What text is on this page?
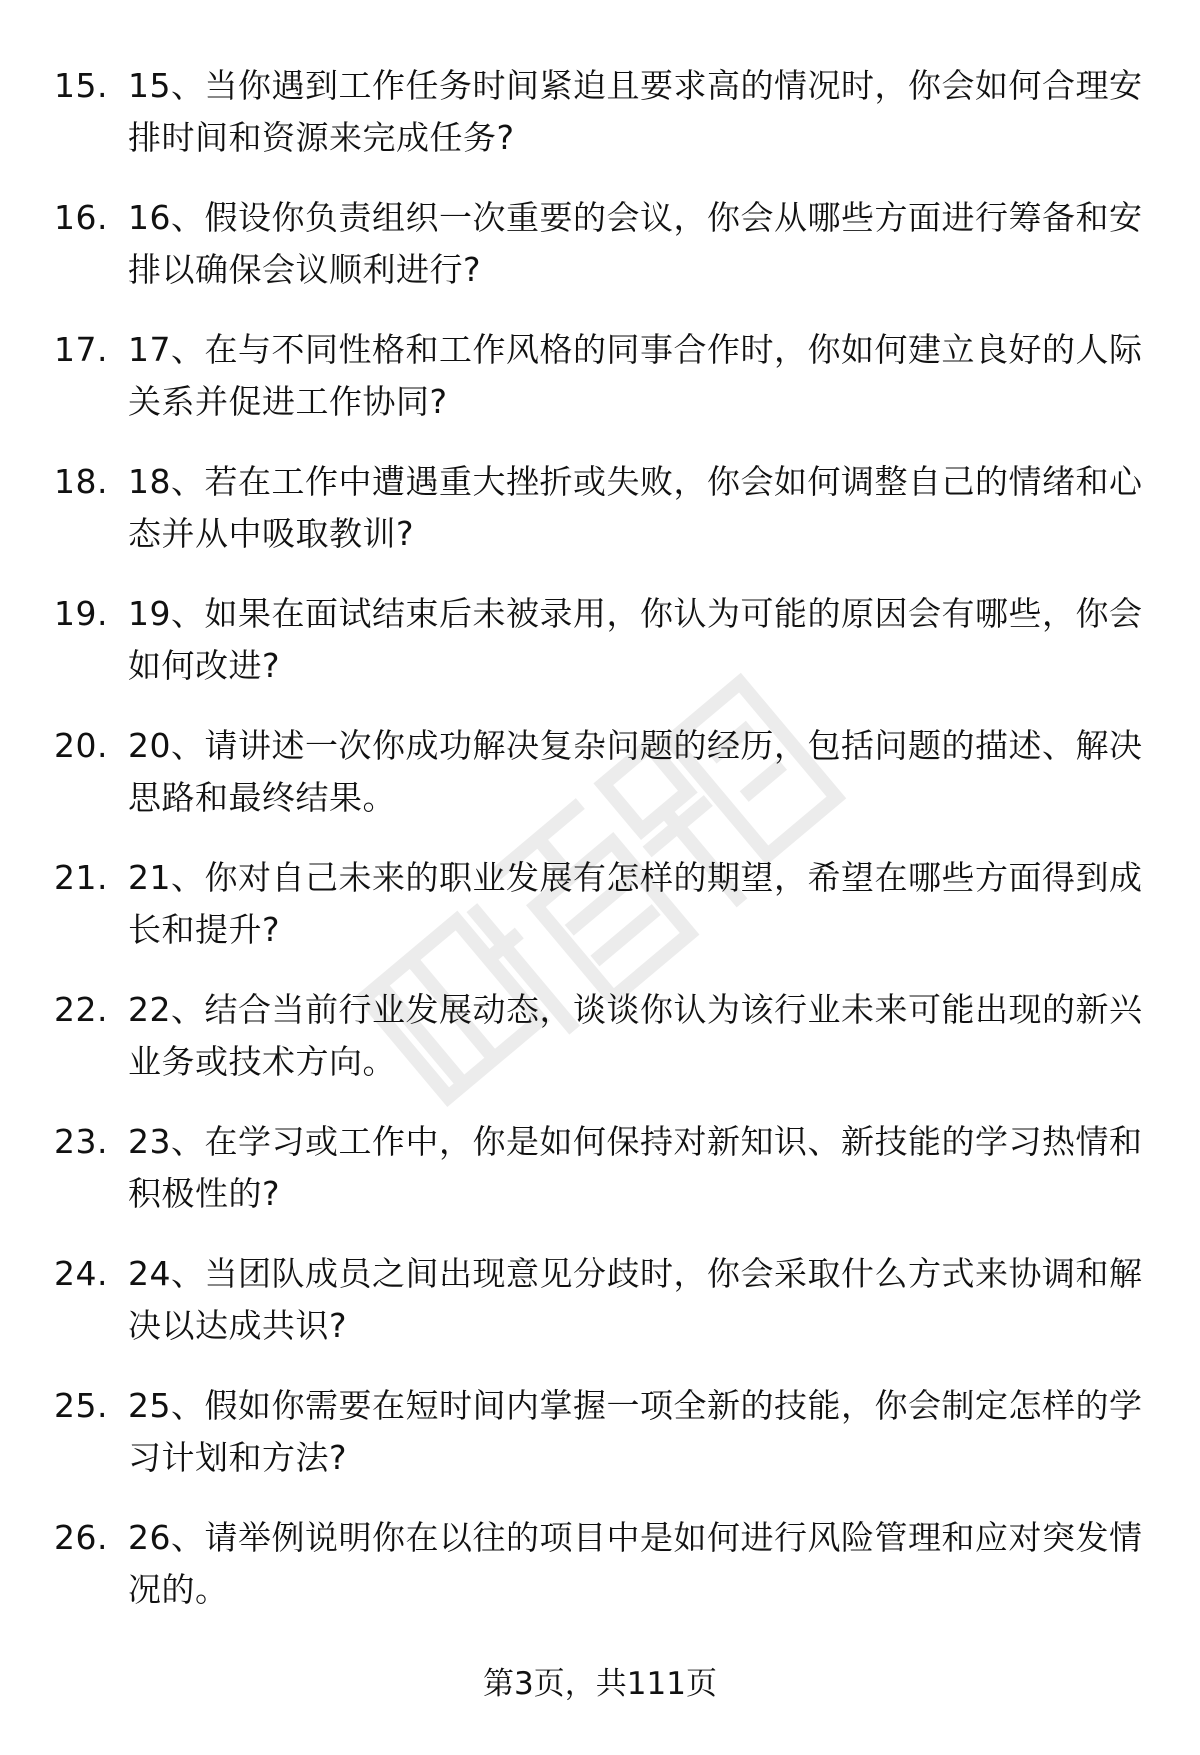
15. 15、当你遇到工作任务时间紧迫且要求高的情况时，你会如何合理安排时间和资源来完成任务?
16. 16、假设你负责组织一次重要的会议，你会从哪些方面进行筹备和安排以确保会议顺利进行?
17. 17、在与不同性格和工作风格的同事合作时，你如何建立良好的人际关系并促进工作协同?
18. 18、若在工作中遭遇重大挫折或失败，你会如何调整自己的情绪和心态并从中吸取教训?
19. 19、如果在面试结束后未被录用，你认为可能的原因会有哪些，你会如何改进?
20. 20、请讲述一次你成功解决复杂问题的经历，包括问题的描述、解决思路和最终结果。
21. 21、你对自己未来的职业发展有怎样的期望，希望在哪些方面得到成长和提升?
22. 22、结合当前行业发展动态，谈谈你认为该行业未来可能出现的新兴业务或技术方向。
23. 23、在学习或工作中，你是如何保持对新知识、新技能的学习热情和积极性的?
24. 24、当团队成员之间出现意见分歧时，你会采取什么方式来协调和解决以达成共识?
25. 25、假如你需要在短时间内掌握一项全新的技能，你会制定怎样的学习计划和方法?
26. 26、请举例说明你在以往的项目中是如何进行风险管理和应对突发情况的。
第3页，共111页
